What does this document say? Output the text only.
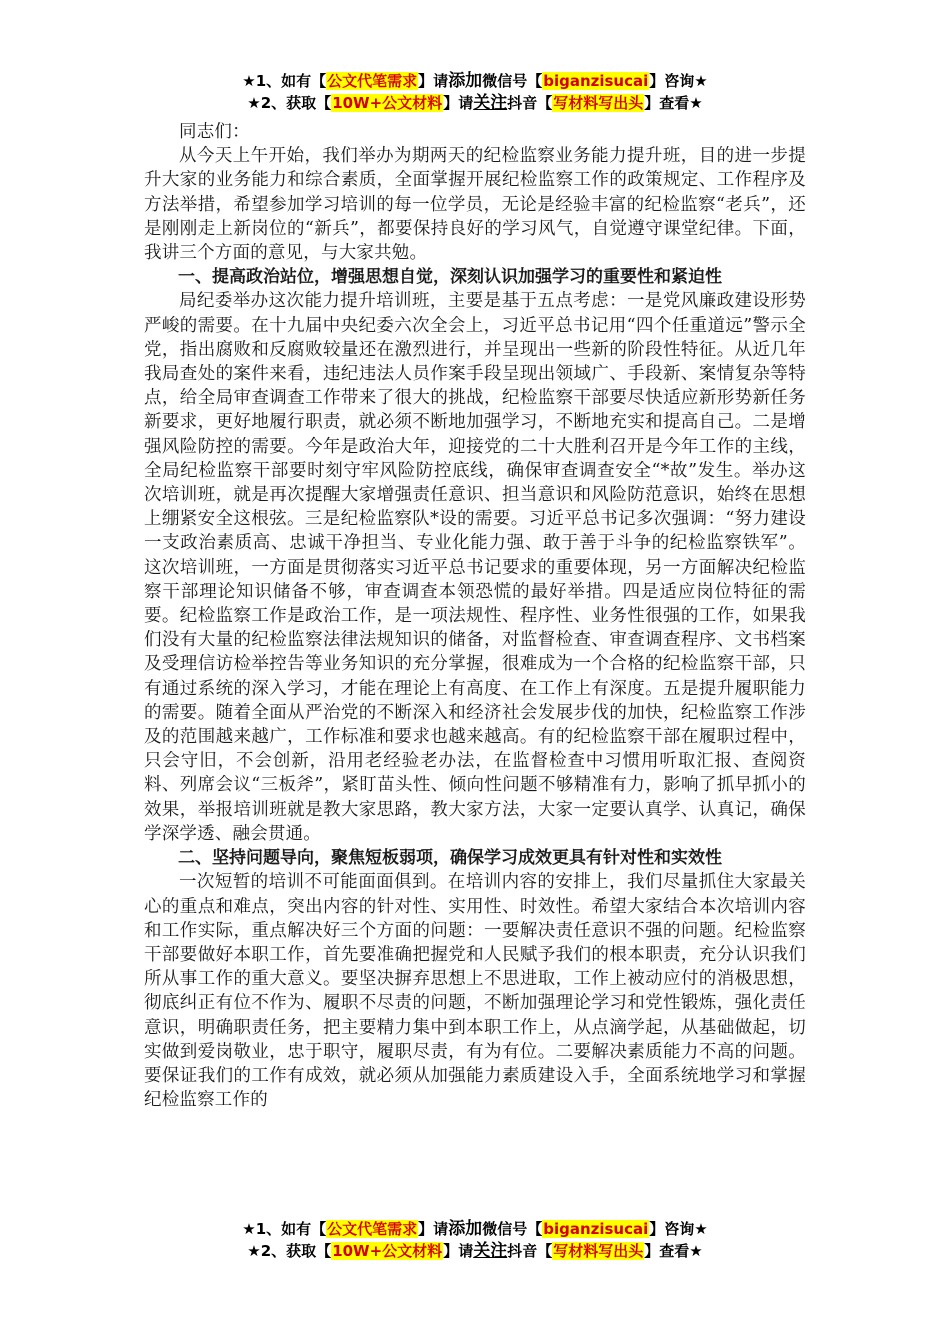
★1、如有【公文代笔需求】请添加微信号【biganzisucai】咨询★
★2、获取【10W+公文材料】请关注抖音【写材料写出头】查看★

同志们：

从今天上午开始，我们举办为期两天的纪检监察业务能力提升班，目的进一步提升大家的业务能力和综合素质，全面掌握开展纪检监察工作的政策规定、工作程序及方法举措，希望参加学习培训的每一位学员，无论是经验丰富的纪检监察“老兵”，还是刚刚走上新岗位的“新兵”，都要保持良好的学习风气，自觉遵守课堂纪律。下面，我讲三个方面的意见，与大家共勉。

一、提高政治站位，增强思想自觉，深刻认识加强学习的重要性和紧迫性

局纪委举办这次能力提升培训班，主要是基于五点考虑：一是党风廉政建设形势严峻的需要。在十九届中央纪委六次全会上，习近平总书记用“四个任重道远”警示全党，指出腐败和反腐败较量还在激烈进行，并呈现出一些新的阶段性特征。从近几年我局查处的案件来看，违纪违法人员作案手段呈现出领域广、手段新、案情复杂等特点，给全局审查调查工作带来了很大的挑战，纪检监察干部要尽快适应新形势新任务新要求，更好地履行职责，就必须不断地加强学习，不断地充实和提高自己。二是增强风险防控的需要。今年是政治大年，迎接党的二十大胜利召开是今年工作的主线，全局纪检监察干部要时刻守牢风险防控底线，确保审查调查安全“*故”发生。举办这次培训班，就是再次提醒大家增强责任意识、担当意识和风险防范意识，始终在思想上绷紧安全这根弦。三是纪检监察队*设的需要。习近平总书记多次强调：“努力建设一支政治素质高、忠诚干净担当、专业化能力强、敢于善于斗争的纪检监察铁军”。这次培训班，一方面是贯彻落实习近平总书记要求的重要体现，另一方面解决纪检监察干部理论知识储备不够，审查调查本领恐慌的最好举措。四是适应岗位特征的需要。纪检监察工作是政治工作，是一项法规性、程序性、业务性很强的工作，如果我们没有大量的纪检监察法律法规知识的储备，对监督检查、审查调查程序、文书档案及受理信访检举控告等业务知识的充分掌握，很难成为一个合格的纪检监察干部，只有通过系统的深入学习，才能在理论上有高度、在工作上有深度。五是提升履职能力的需要。随着全面从严治党的不断深入和经济社会发展步伐的加快，纪检监察工作涉及的范围越来越广，工作标准和要求也越来越高。有的纪检监察干部在履职过程中，只会守旧，不会创新，沿用老经验老办法，在监督检查中习惯用听取汇报、查阅资料、列席会议“三板斧”，紧盯苗头性、倾向性问题不够精准有力，影响了抓早抓小的效果，举报培训班就是教大家思路，教大家方法，大家一定要认真学、认真记，确保学深学透、融会贯通。

二、坚持问题导向，聚焦短板弱项，确保学习成效更具有针对性和实效性

一次短暂的培训不可能面面俱到。在培训内容的安排上，我们尽量抓住大家最关心的重点和难点，突出内容的针对性、实用性、时效性。希望大家结合本次培训内容和工作实际，重点解决好三个方面的问题：一要解决责任意识不强的问题。纪检监察干部要做好本职工作，首先要准确把握党和人民赋予我们的根本职责，充分认识我们所从事工作的重大意义。要坚决摒弃思想上不思进取，工作上被动应付的消极思想，彻底纠正有位不作为、履职不尽责的问题，不断加强理论学习和党性锻炼，强化责任意识，明确职责任务，把主要精力集中到本职工作上，从点滴学起，从基础做起，切实做到爱岗敬业，忠于职守，履职尽责，有为有位。二要解决素质能力不高的问题。要保证我们的工作有成效，就必须从加强能力素质建设入手，全面系统地学习和掌握纪检监察工作的

★1、如有【公文代笔需求】请添加微信号【biganzisucai】咨询★
★2、获取【10W+公文材料】请关注抖音【写材料写出头】查看★
